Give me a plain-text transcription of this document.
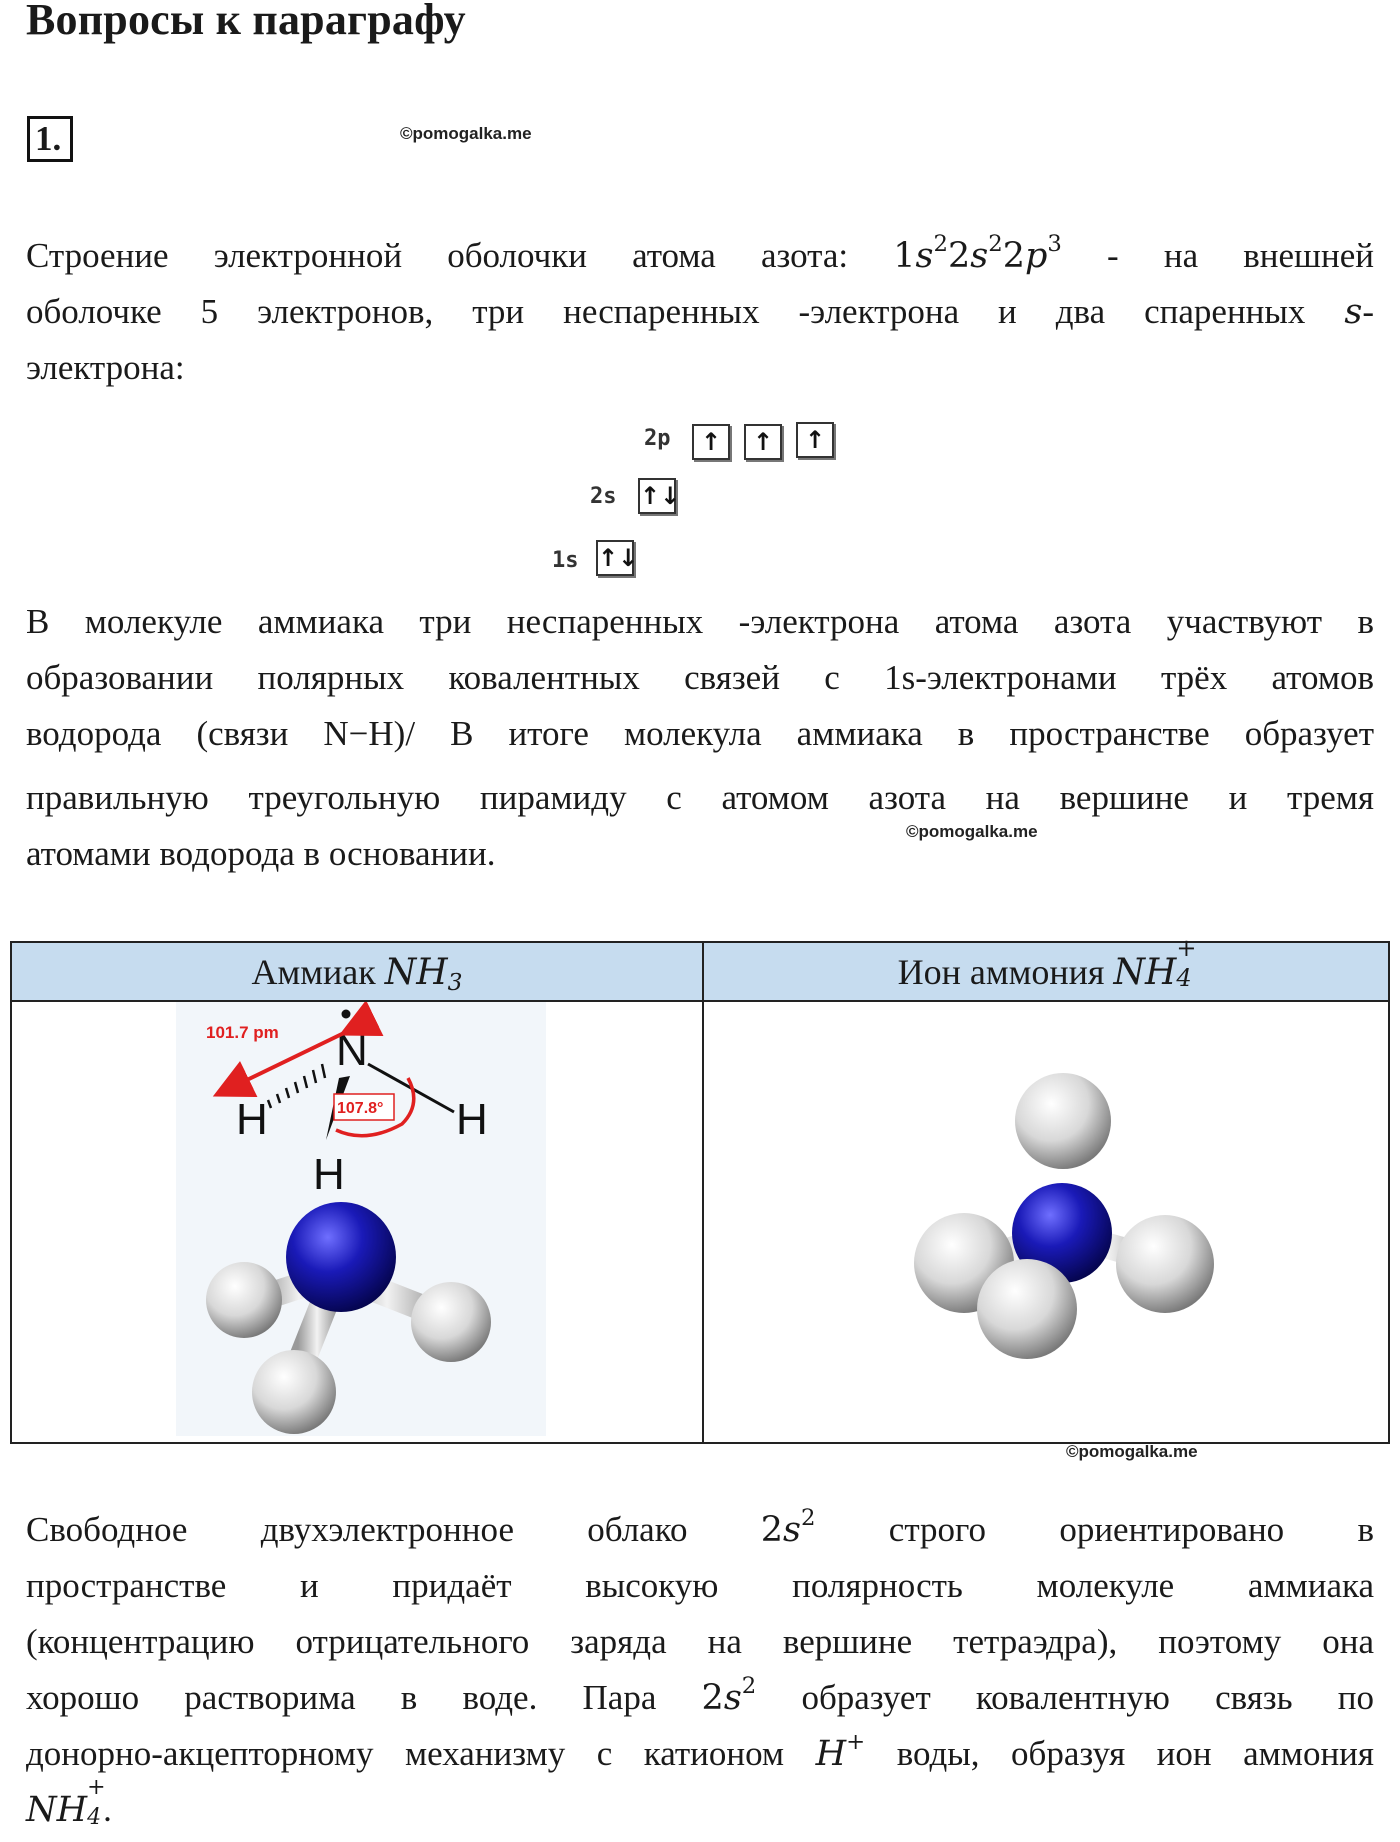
Вопросы к параграфу
1.	©pomogalka.me
Строение электронной оболочки атома азота: $1s^22s^22p^3$ - на внешней
оболочке 5 электронов, три неспаренных -электрона и два спаренных s-
электрона:
2p	↑	↑	↑
2s ↑↓
1s ↑↓
В молекуле аммиака три неспаренных -электрона атома азота участвуют в
образовании полярных ковалентных связей с 1s-электронами трёх атомов
водорода (связи N−H)/ В итоге молекула аммиака в пространстве образует
правильную треугольную пирамиду с атомом азота на вершине и тремя
атомами водорода в основании.
©pomogalka.me
Аммиак $NH_3$	Ион аммония NH
+
4
N
H	H
H
101.7 pm
107.8°
©pomogalka.me
Свободное двухэлектронное облако $2s^2$ строго ориентировано в
пространстве и придаёт высокую полярность молекуле аммиака
(концентрацию отрицательного заряда на вершине тетраэдра), поэтому она
хорошо растворима в воде. Пара $2s^2$ образует ковалентную связь по
донорно-акцепторному механизму с катионом H+ воды, образуя ион аммония
NH
+
4 .
